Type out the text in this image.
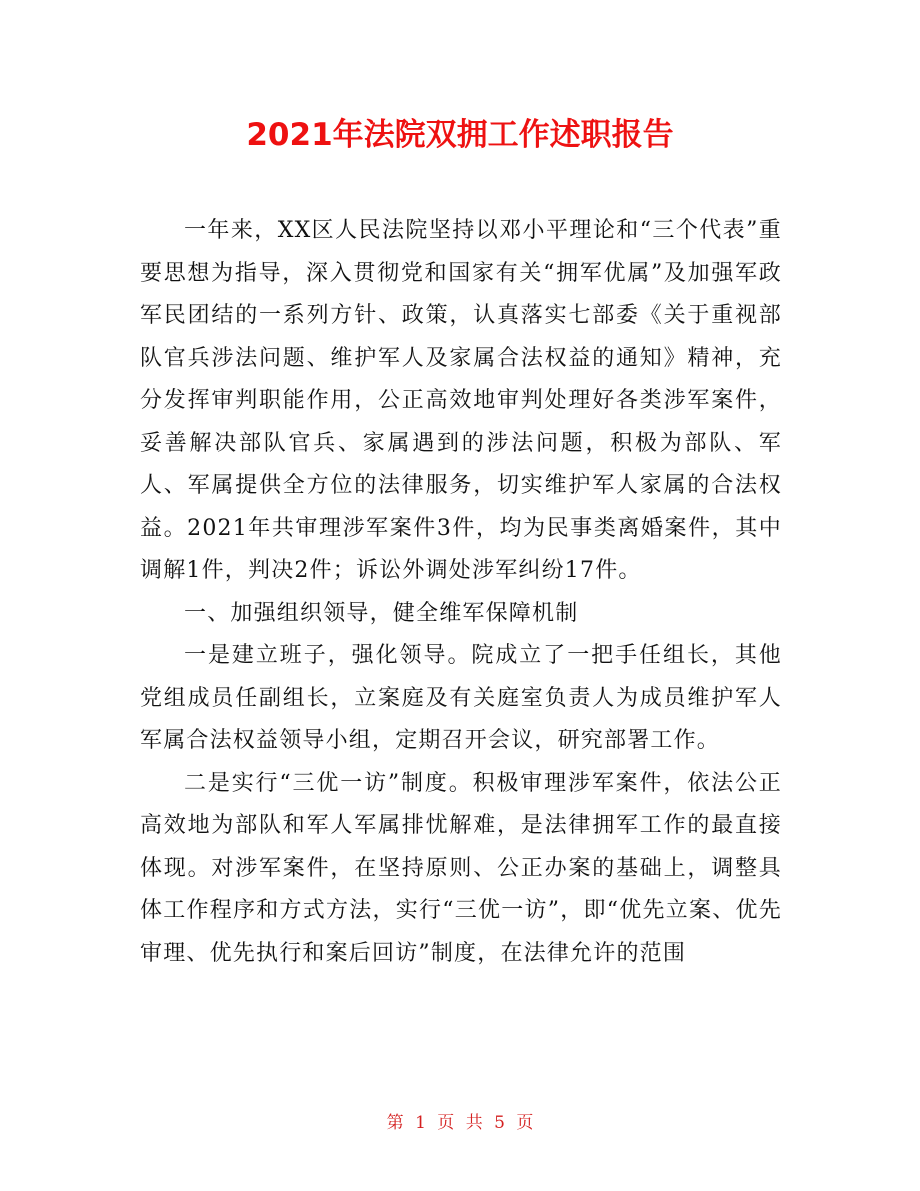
2021年法院双拥工作述职报告

一年来，XX区人民法院坚持以邓小平理论和“三个代表”重要思想为指导，深入贯彻党和国家有关“拥军优属”及加强军政军民团结的一系列方针、政策，认真落实七部委《关于重视部队官兵涉法问题、维护军人及家属合法权益的通知》精神，充分发挥审判职能作用，公正高效地审判处理好各类涉军案件，妥善解决部队官兵、家属遇到的涉法问题，积极为部队、军人、军属提供全方位的法律服务，切实维护军人家属的合法权益。2021年共审理涉军案件3件，均为民事类离婚案件，其中调解1件，判决2件；诉讼外调处涉军纠纷17件。

一、加强组织领导，健全维军保障机制

一是建立班子，强化领导。院成立了一把手任组长，其他党组成员任副组长，立案庭及有关庭室负责人为成员维护军人军属合法权益领导小组，定期召开会议，研究部署工作。

二是实行“三优一访”制度。积极审理涉军案件，依法公正高效地为部队和军人军属排忧解难，是法律拥军工作的最直接体现。对涉军案件，在坚持原则、公正办案的基础上，调整具体工作程序和方式方法，实行“三优一访”，即“优先立案、优先审理、优先执行和案后回访”制度，在法律允许的范围

第 1 页 共 5 页
